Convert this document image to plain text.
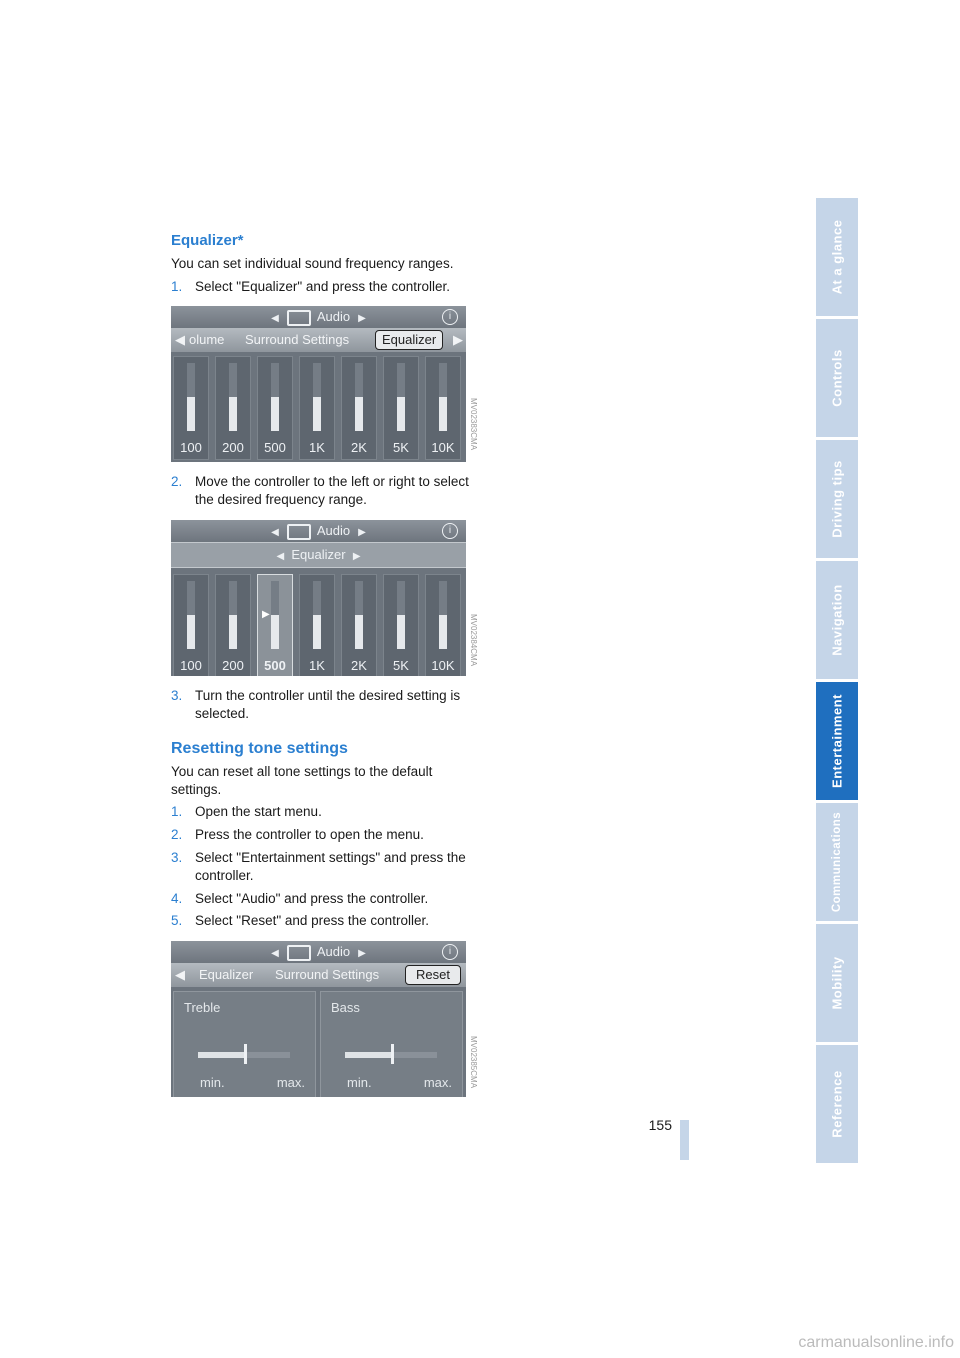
At a glance
Controls
Driving tips
Navigation
Entertainment
Communications
Mobility
Reference
Equalizer*
You can set individual sound frequency ranges.
1. Select "Equalizer" and press the controller.
◀	Audio ▶	i
◀ olume Surround Settings	Equalizer	▶
100	200	500	1K	2K	5K	10K	MV02383CMA
2. Move the controller to the left or right to select the desired frequency range.
◀	Audio ▶	i
◀ Equalizer ▶
100	200
▶
500	1K	2K	5K	10K	MV02384CMA
3. Turn the controller until the desired setting is selected.
Resetting tone settings
You can reset all tone settings to the default settings.
1. Open the start menu.
2. Press the controller to open the menu.
3. Select "Entertainment settings" and press the controller.
4. Select "Audio" and press the controller.
5. Select "Reset" and press the controller.
◀	Audio ▶	i
◀ Equalizer Surround Settings	Reset
Treble
min.	max.
Bass
min.	max. MV02385CMA
155
carmanualsonline.info
